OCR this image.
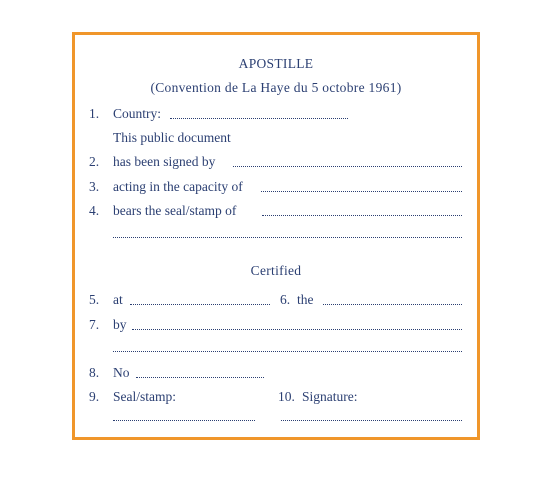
APOSTILLE
(Convention de La Haye du 5 octobre 1961)
1.	Country:
This public document
2.	has been signed by
3.	acting in the capacity of
4.	bears the seal/stamp of
Certified
5.	at	6. the
7.	by
8.	No
9.	Seal/stamp:	10. Signature:
